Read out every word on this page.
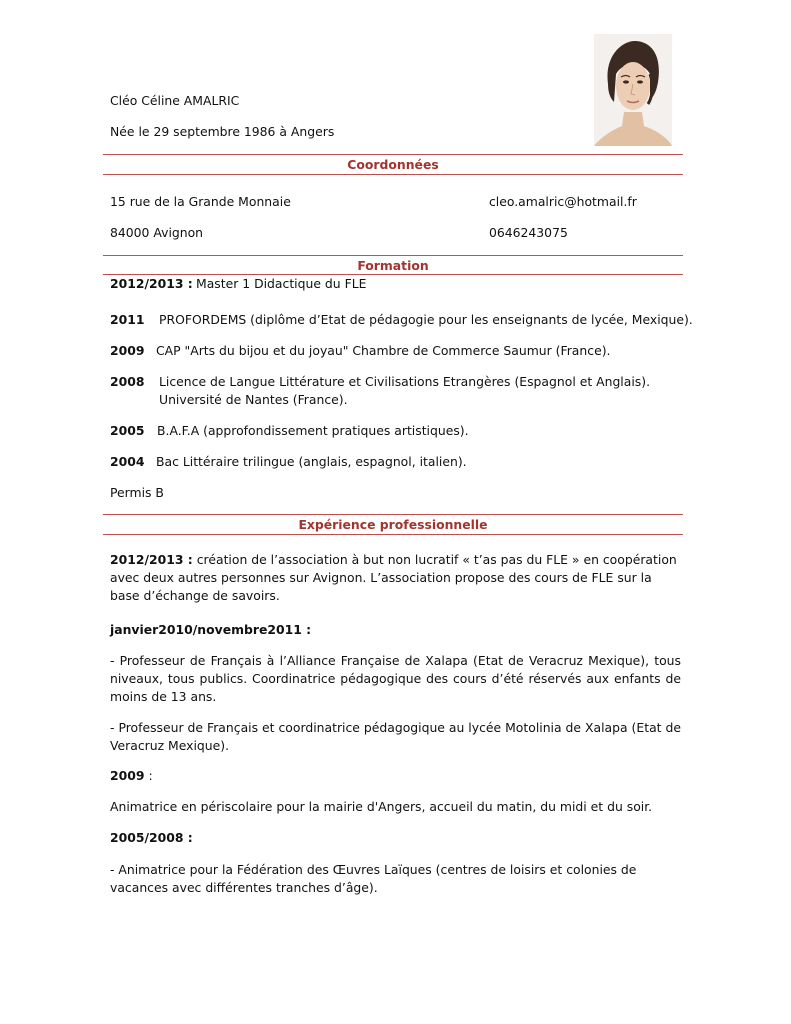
Cléo Céline AMALRIC
Née le 29 septembre 1986 à Angers
Coordonnées
15 rue de la Grande Monnaie	cleo.amalric@hotmail.fr
84000 Avignon	0646243075
Formation
2012/2013 : Master 1 Didactique du FLE
2011 PROFORDEMS (diplôme d’Etat de pédagogie pour les enseignants de lycée, Mexique).
2009 CAP "Arts du bijou et du joyau" Chambre de Commerce Saumur (France).
2008 Licence de Langue Littérature et Civilisations Etrangères (Espagnol et Anglais).
Université de Nantes (France).
2005 B.A.F.A (approfondissement pratiques artistiques).
2004 Bac Littéraire trilingue (anglais, espagnol, italien).
Permis B
Expérience professionnelle
2012/2013 : création de l’association à but non lucratif « t’as pas du FLE » en coopération avec deux autres personnes sur Avignon. L’association propose des cours de FLE sur la base d’échange de savoirs.
janvier2010/novembre2011 :
- Professeur de Français à l’Alliance Française de Xalapa (Etat de Veracruz Mexique), tous niveaux, tous publics. Coordinatrice pédagogique des cours d’été réservés aux enfants de moins de 13 ans.
- Professeur de Français et coordinatrice pédagogique au lycée Motolinia de Xalapa (Etat de Veracruz Mexique).
2009 :
Animatrice en périscolaire pour la mairie d'Angers, accueil du matin, du midi et du soir.
2005/2008 :
- Animatrice pour la Fédération des Œuvres Laïques (centres de loisirs et colonies de vacances avec différentes tranches d’âge).
